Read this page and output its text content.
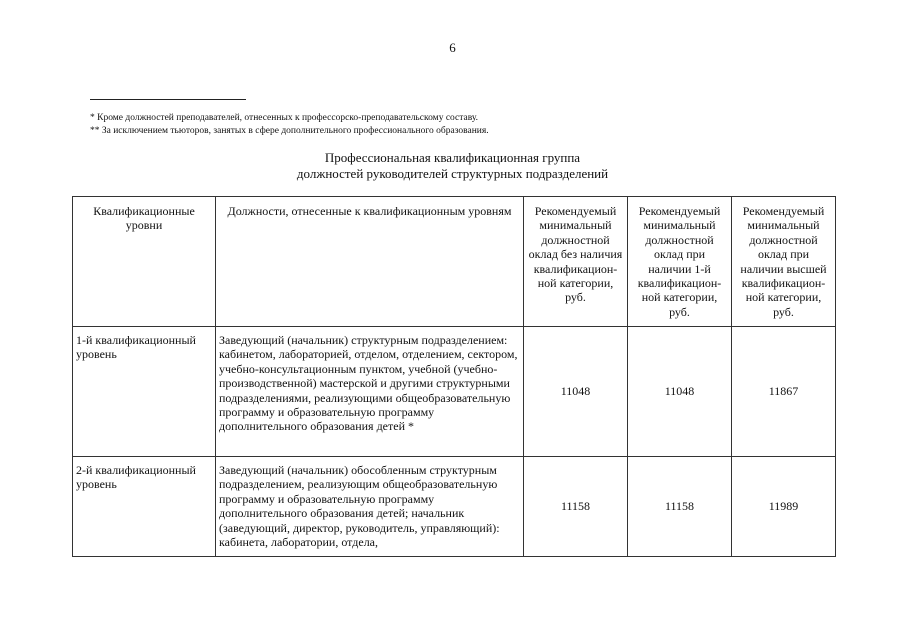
6
* Кроме должностей преподавателей, отнесенных к профессорско-преподавательскому составу.
** За исключением тьюторов, занятых в сфере дополнительного профессионального образования.
Профессиональная квалификационная группа
должностей руководителей структурных подразделений
Квалификационные уровни	Должности, отнесенные к квалификационным уровням	Рекомендуемый минимальный должностной оклад без наличия квалификацион-ной категории, руб.	Рекомендуемый минимальный должностной оклад при наличии 1-й квалификацион-ной категории, руб.	Рекомендуемый минимальный должностной оклад при наличии высшей квалификацион-ной категории, руб.
1-й квалификационный уровень	Заведующий (начальник) структурным подразделением: кабинетом, лабораторией, отделом, отделением, сектором, учебно-консультационным пунктом, учебной (учебно-производственной) мастерской и другими структурными подразделениями, реализующими общеобразовательную программу и образовательную программу дополнительного образования детей *	11048	11048	11867
2-й квалификационный уровень	Заведующий (начальник) обособленным структурным подразделением, реализующим общеобразовательную программу и образовательную программу дополнительного образования детей; начальник (заведующий, директор, руководитель, управляющий): кабинета, лаборатории, отдела,	11158	11158	11989
